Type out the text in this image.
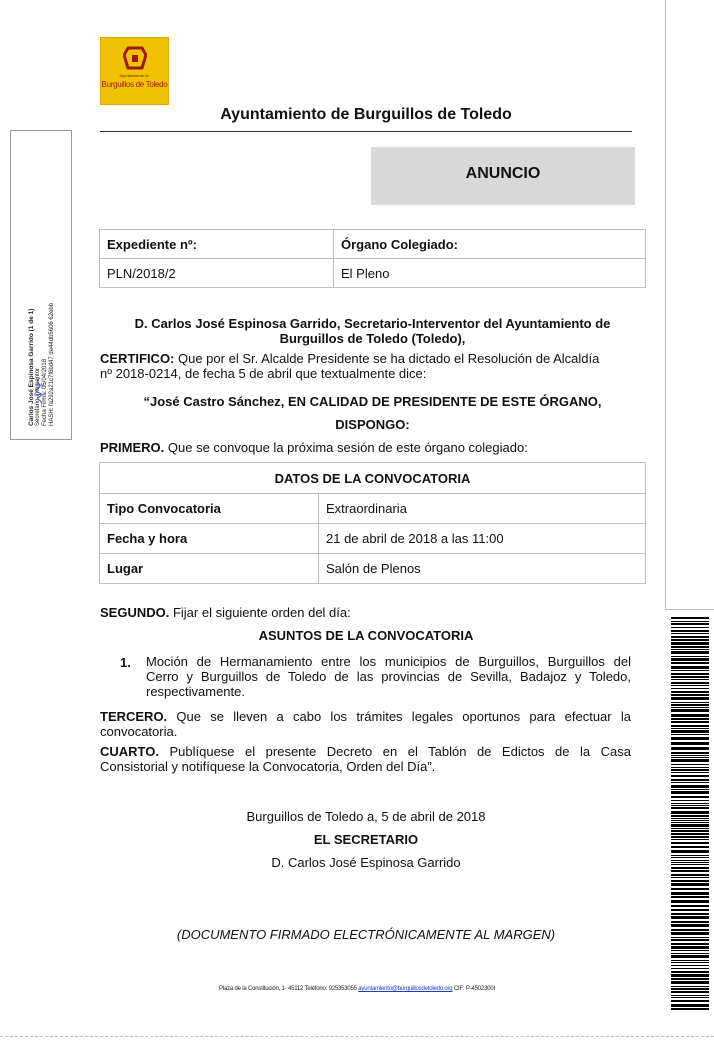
Carlos José Espinosa Garrido (1 de 1) Secretario-Interventor Fecha Firma: 05/04/2018 HASH: fa292a21c7f6bd47 de44db5606 62ebb
Ayuntamiento de
Burguillos de Toledo
Ayuntamiento de Burguillos de Toledo
ANUNCIO
Expediente nº:	Órgano Colegiado:
PLN/2018/2	El Pleno
D. Carlos José Espinosa Garrido, Secretario-Interventor del Ayuntamiento de
Burguillos de Toledo (Toledo),
CERTIFICO: Que por el Sr. Alcalde Presidente se ha dictado el Resolución de Alcaldía
nº 2018-0214, de fecha 5 de abril que textualmente dice:
“José Castro Sánchez, EN CALIDAD DE PRESIDENTE DE ESTE ÓRGANO,
DISPONGO:
PRIMERO. Que se convoque la próxima sesión de este órgano colegiado:
DATOS DE LA CONVOCATORIA	
Tipo Convocatoria	Extraordinaria
Fecha y hora	21 de abril de 2018 a las 11:00
Lugar	Salón de Plenos
SEGUNDO. Fijar el siguiente orden del día:
ASUNTOS DE LA CONVOCATORIA
1. Moción de Hermanamiento entre los municipios de Burguillos, Burguillos del
Cerro y Burguillos de Toledo de las provincias de Sevilla, Badajoz y Toledo,
respectivamente.
TERCERO. Que se lleven a cabo los trámites legales oportunos para efectuar la
convocatoria.
CUARTO. Publíquese el presente Decreto en el Tablón de Edictos de la Casa
Consistorial y notifíquese la Convocatoria, Orden del Día”.
Burguillos de Toledo a, 5 de abril de 2018
EL SECRETARIO
D. Carlos José Espinosa Garrido
(DOCUMENTO FIRMADO ELECTRÓNICAMENTE AL MARGEN)
Plaza de la Constitución, 1- 45112 Teléfono: 925353055 ayuntamiento@burguillosdetoledo.org CIF: P-4502300I
